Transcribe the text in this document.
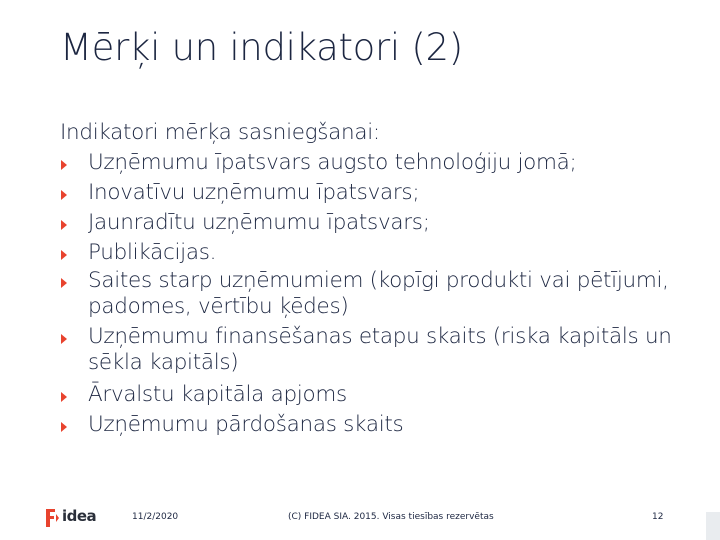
Mērķi un indikatori (2)

Indikatori mērķa sasniegšanai:

Uzņēmumu īpatsvars augsto tehnoloģiju jomā;
Inovatīvu uzņēmumu īpatsvars;
Jaunradītu uzņēmumu īpatsvars;
Publikācijas.
Saites starp uzņēmumiem (kopīgi produkti vai pētījumi, padomes, vērtību ķēdes)
Uzņēmumu finansēšanas etapu skaits (riska kapitāls un sēkla kapitāls)
Ārvalstu kapitāla apjoms
Uzņēmumu pārdošanas skaits
idea	11/2/2020	(C) FIDEA SIA. 2015. Visas tiesības rezervētas	12
